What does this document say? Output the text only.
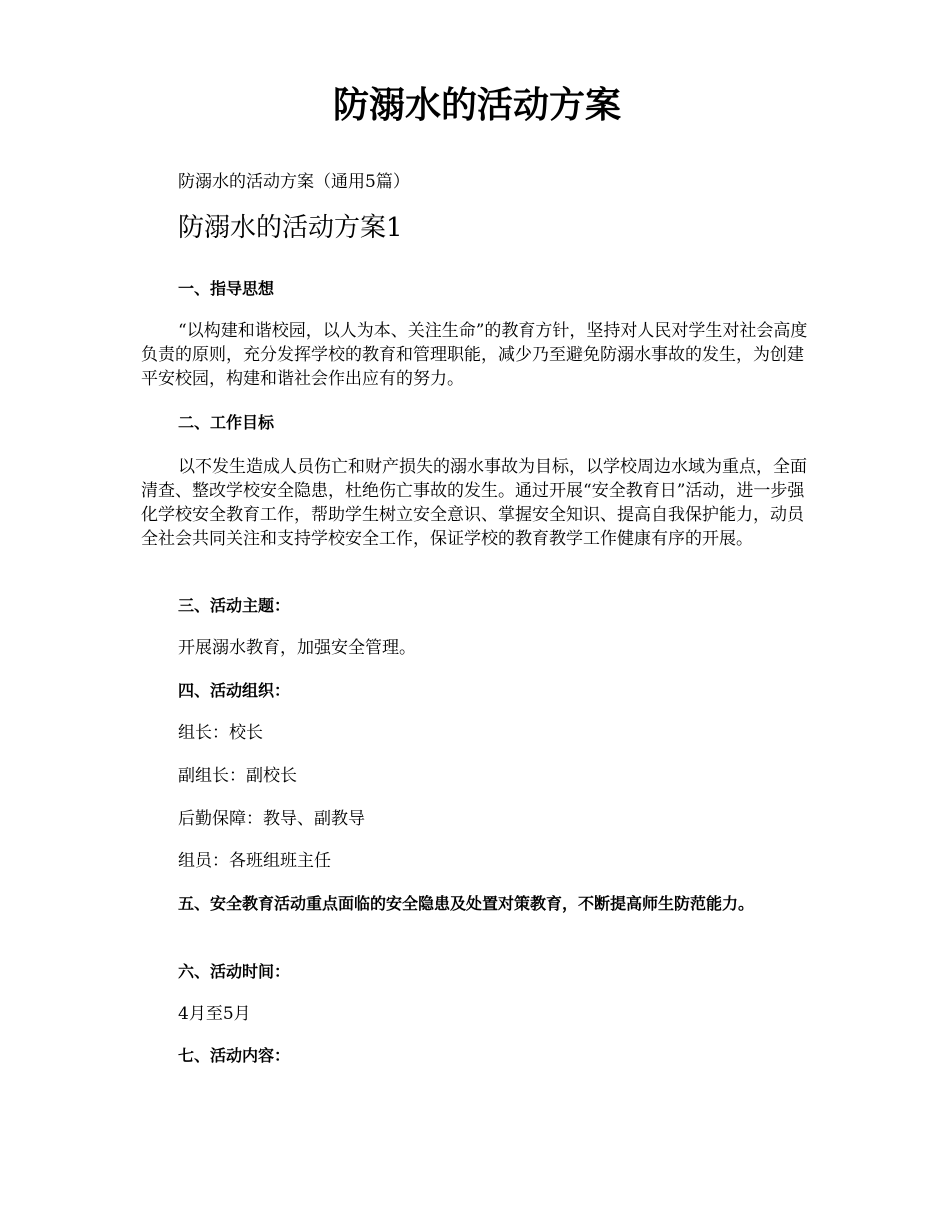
防溺水的活动方案

防溺水的活动方案（通用5篇）

防溺水的活动方案1

一、指导思想

“以构建和谐校园，以人为本、关注生命”的教育方针，坚持对人民对学生对社会高度负责的原则，充分发挥学校的教育和管理职能，减少乃至避免防溺水事故的发生，为创建平安校园，构建和谐社会作出应有的努力。

二、工作目标

以不发生造成人员伤亡和财产损失的溺水事故为目标，以学校周边水域为重点，全面清查、整改学校安全隐患，杜绝伤亡事故的发生。通过开展“安全教育日”活动，进一步强化学校安全教育工作，帮助学生树立安全意识、掌握安全知识、提高自我保护能力，动员全社会共同关注和支持学校安全工作，保证学校的教育教学工作健康有序的开展。

三、活动主题：

开展溺水教育，加强安全管理。

四、活动组织：

组长：校长

副组长：副校长

后勤保障：教导、副教导

组员：各班组班主任

五、安全教育活动重点面临的安全隐患及处置对策教育，不断提高师生防范能力。

六、活动时间：

4月至5月

七、活动内容：
